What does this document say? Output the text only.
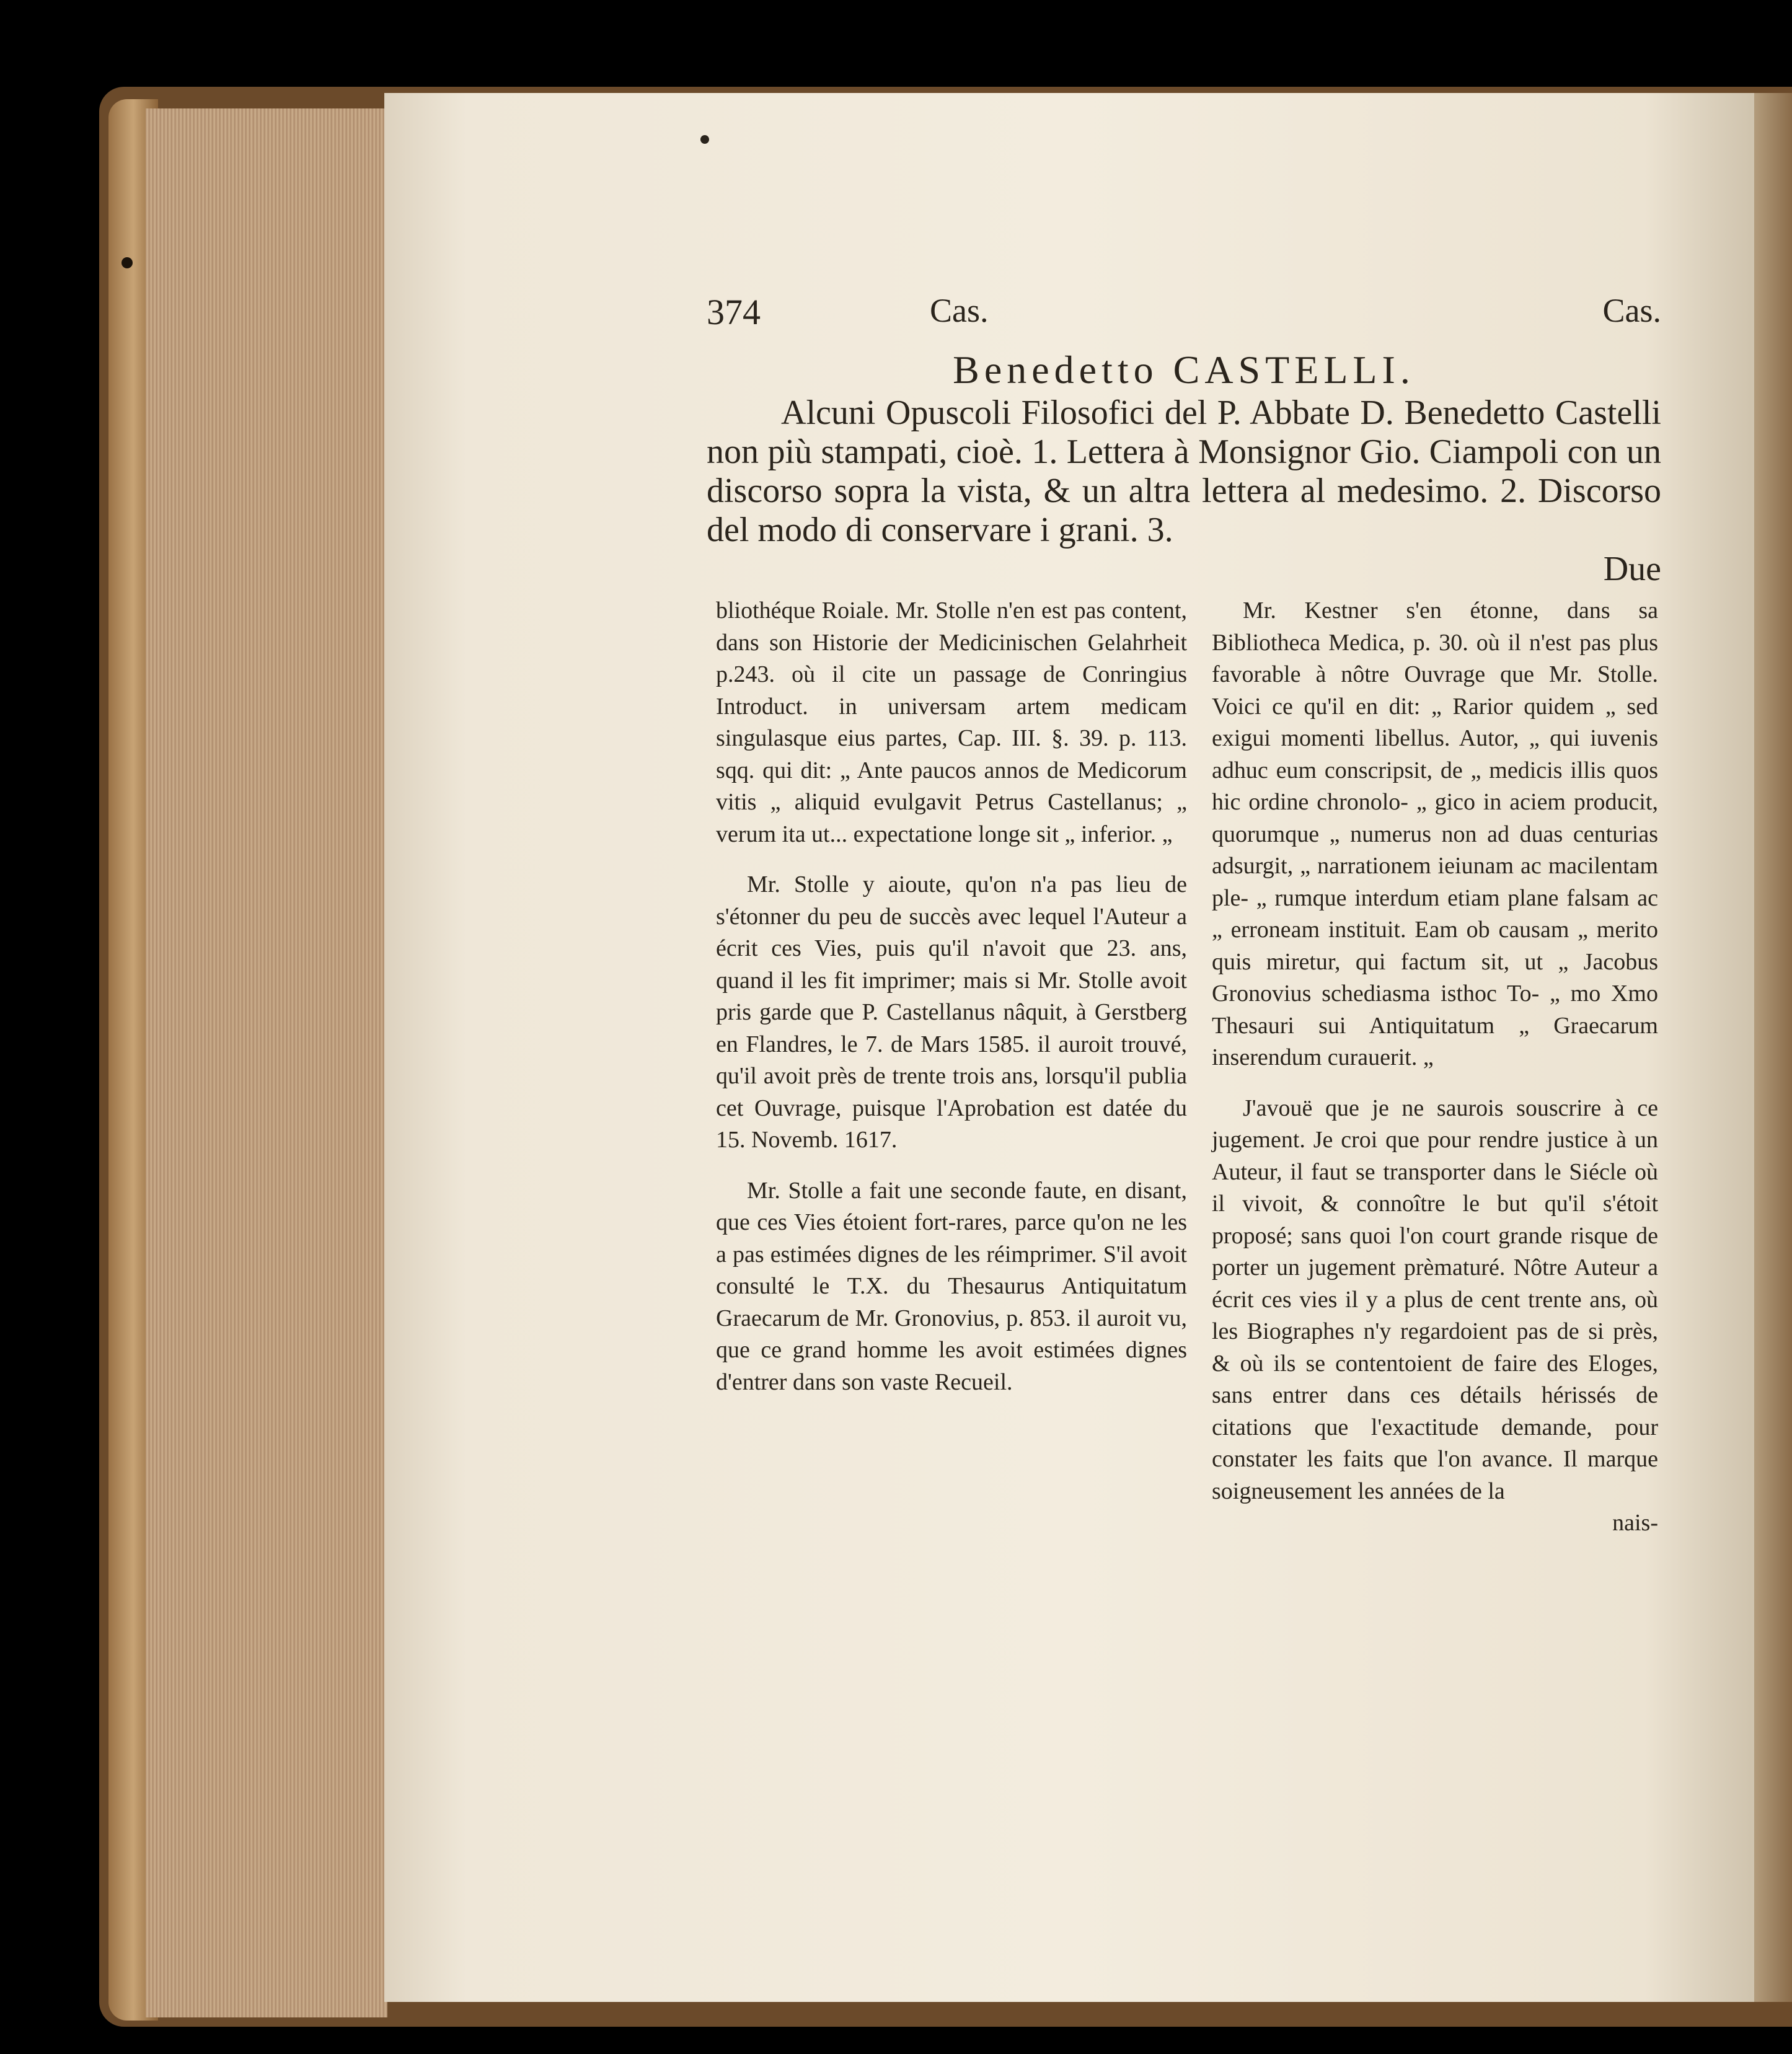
374	Cas.	Cas.
Benedetto CASTELLI.

Alcuni Opuscoli Filosofici del P. Abbate D. Benedetto Castelli non più stampati, cioè. 1. Lettera à Monsignor Gio. Ciampoli con un discorso sopra la vista, & un altra lettera al medesimo. 2. Discorso del modo di conservare i grani. 3.

Due

bliothéque Roiale. Mr. Stolle n'en est pas content, dans son Historie der Medicinischen Gelahrheit p.243. où il cite un passage de Conringius Introduct. in universam artem medicam singulasque eius partes, Cap. III. §. 39. p. 113. sqq. qui dit: „ Ante paucos annos de Medicorum vitis „ aliquid evulgavit Petrus Castellanus; „ verum ita ut... expectatione longe sit „ inferior. „

Mr. Stolle y aioute, qu'on n'a pas lieu de s'étonner du peu de succès avec lequel l'Auteur a écrit ces Vies, puis qu'il n'avoit que 23. ans, quand il les fit imprimer; mais si Mr. Stolle avoit pris garde que P. Castellanus nâquit, à Gerstberg en Flandres, le 7. de Mars 1585. il auroit trouvé, qu'il avoit près de trente trois ans, lorsqu'il publia cet Ouvrage, puisque l'Aprobation est datée du 15. Novemb. 1617.

Mr. Stolle a fait une seconde faute, en disant, que ces Vies étoient fort-rares, parce qu'on ne les a pas estimées dignes de les réimprimer. S'il avoit consulté le T.X. du Thesaurus Antiquitatum Graecarum de Mr. Gronovius, p. 853. il auroit vu, que ce grand homme les avoit estimées dignes d'entrer dans son vaste Recueil.

Mr. Kestner s'en étonne, dans sa Bibliotheca Medica, p. 30. où il n'est pas plus favorable à nôtre Ouvrage que Mr. Stolle. Voici ce qu'il en dit: „ Rarior quidem „ sed exigui momenti libellus. Autor, „ qui iuvenis adhuc eum conscripsit, de „ medicis illis quos hic ordine chronolo- „ gico in aciem producit, quorumque „ numerus non ad duas centurias adsurgit, „ narrationem ieiunam ac macilentam ple- „ rumque interdum etiam plane falsam ac „ erroneam instituit. Eam ob causam „ merito quis miretur, qui factum sit, ut „ Jacobus Gronovius schediasma isthoc To- „ mo Xmo Thesauri sui Antiquitatum „ Graecarum inserendum curauerit. „

J'avouë que je ne saurois souscrire à ce jugement. Je croi que pour rendre justice à un Auteur, il faut se transporter dans le Siécle où il vivoit, & connoître le but qu'il s'étoit proposé; sans quoi l'on court grande risque de porter un jugement prèmaturé. Nôtre Auteur a écrit ces vies il y a plus de cent trente ans, où les Biographes n'y regardoient pas de si près, & où ils se contentoient de faire des Eloges, sans entrer dans ces détails hérissés de citations que l'exactitude demande, pour constater les faits que l'on avance. Il marque soigneusement les années de la

nais-
